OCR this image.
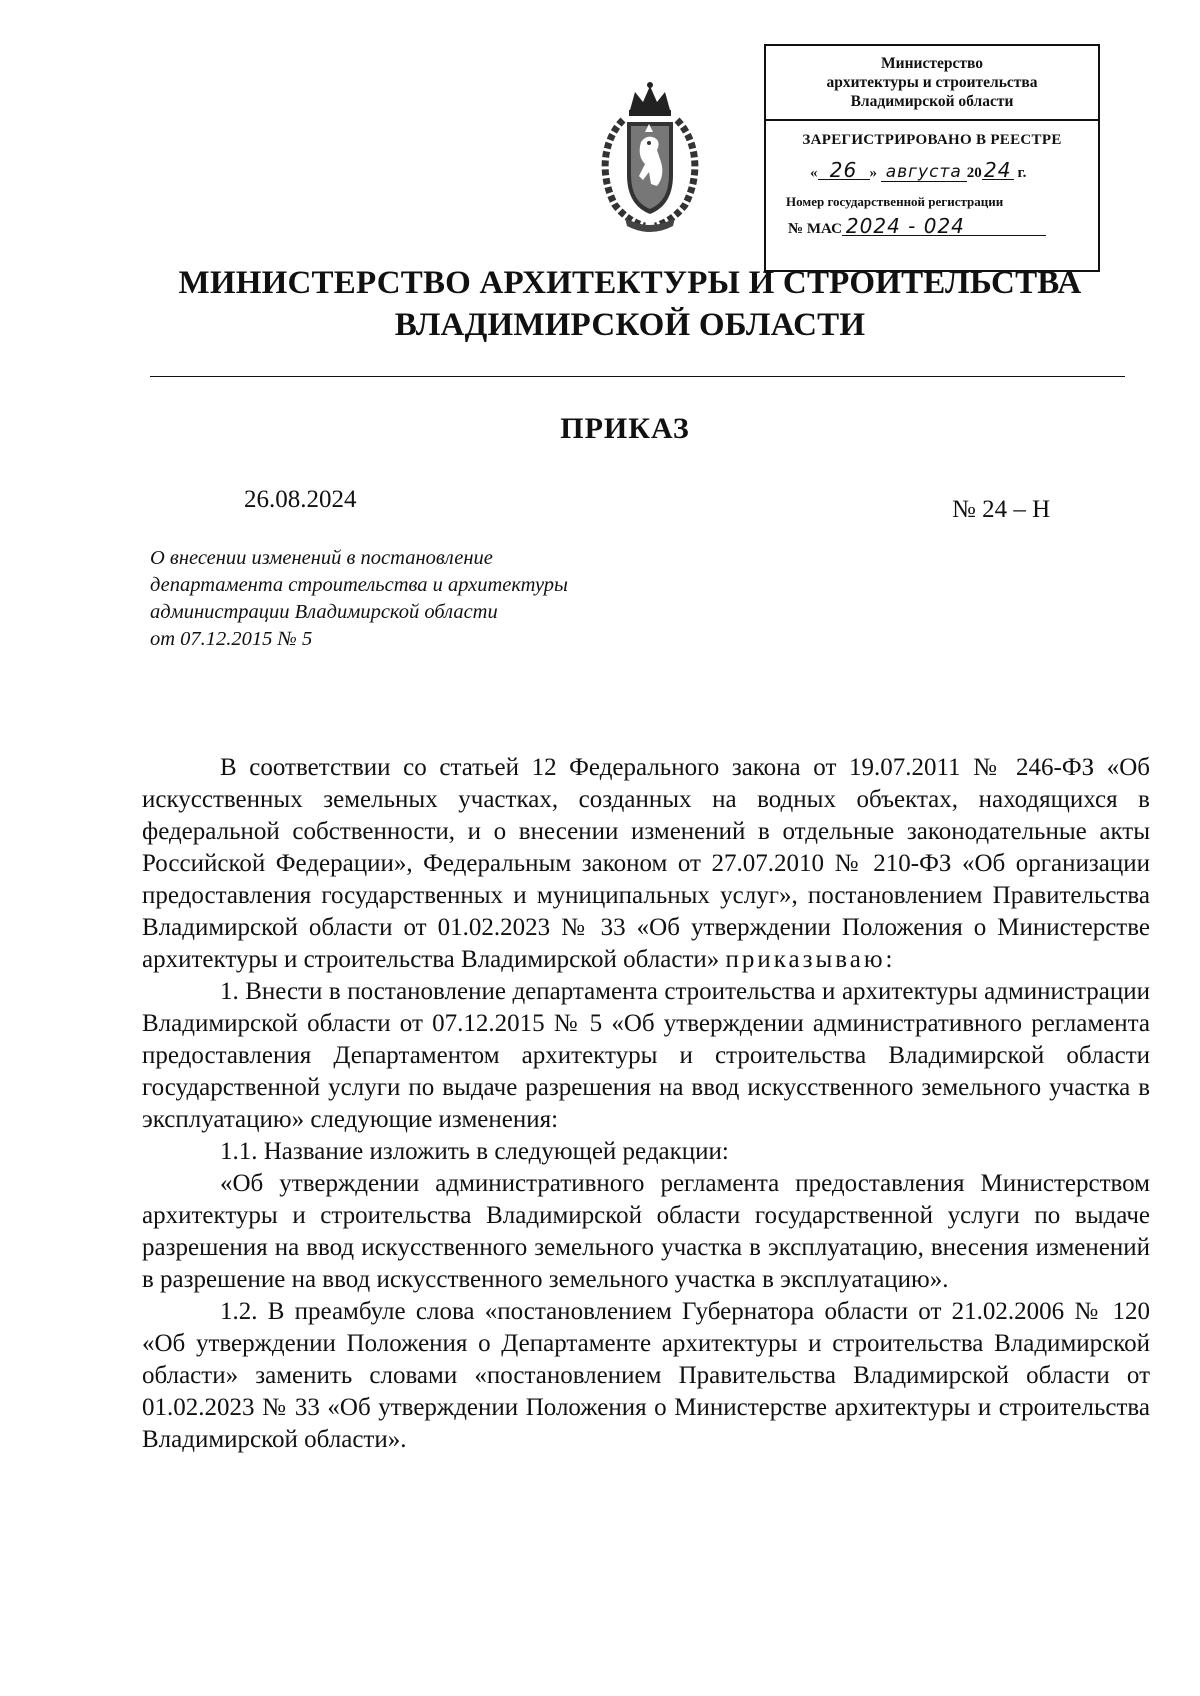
Министерство
архитектуры и строительства
Владимирской области
ЗАРЕГИСТРИРОВАНО В РЕЕСТРЕ
« 26 » августа 20 24 г.
Номер государственной регистрации
№ МАС 2024 - 024
МИНИСТЕРСТВО АРХИТЕКТУРЫ И СТРОИТЕЛЬСТВА
ВЛАДИМИРСКОЙ ОБЛАСТИ
ПРИКАЗ
26.08.2024	№ 24 – Н
О внесении изменений в постановление
департамента строительства и архитектуры
администрации Владимирской области
от 07.12.2015 № 5

В соответствии со статьей 12 Федерального закона от 19.07.2011 № 246-ФЗ «Об искусственных земельных участках, созданных на водных объектах, находящихся в федеральной собственности, и о внесении изменений в отдельные законодательные акты Российской Федерации», Федеральным законом от 27.07.2010 № 210-ФЗ «Об организации предоставления государственных и муниципальных услуг», постановлением Правительства Владимирской области от 01.02.2023 № 33 «Об утверждении Положения о Министерстве архитектуры и строительства Владимирской области» приказываю:

1. Внести в постановление департамента строительства и архитектуры администрации Владимирской области от 07.12.2015 № 5 «Об утверждении административного регламента предоставления Департаментом архитектуры и строительства Владимирской области государственной услуги по выдаче разрешения на ввод искусственного земельного участка в эксплуатацию» следующие изменения:

1.1. Название изложить в следующей редакции:

«Об утверждении административного регламента предоставления Министерством архитектуры и строительства Владимирской области государственной услуги по выдаче разрешения на ввод искусственного земельного участка в эксплуатацию, внесения изменений в разрешение на ввод искусственного земельного участка в эксплуатацию».

1.2. В преамбуле слова «постановлением Губернатора области от 21.02.2006 № 120 «Об утверждении Положения о Департаменте архитектуры и строительства Владимирской области» заменить словами «постановлением Правительства Владимирской области от 01.02.2023 № 33 «Об утверждении Положения о Министерстве архитектуры и строительства Владимирской области».
